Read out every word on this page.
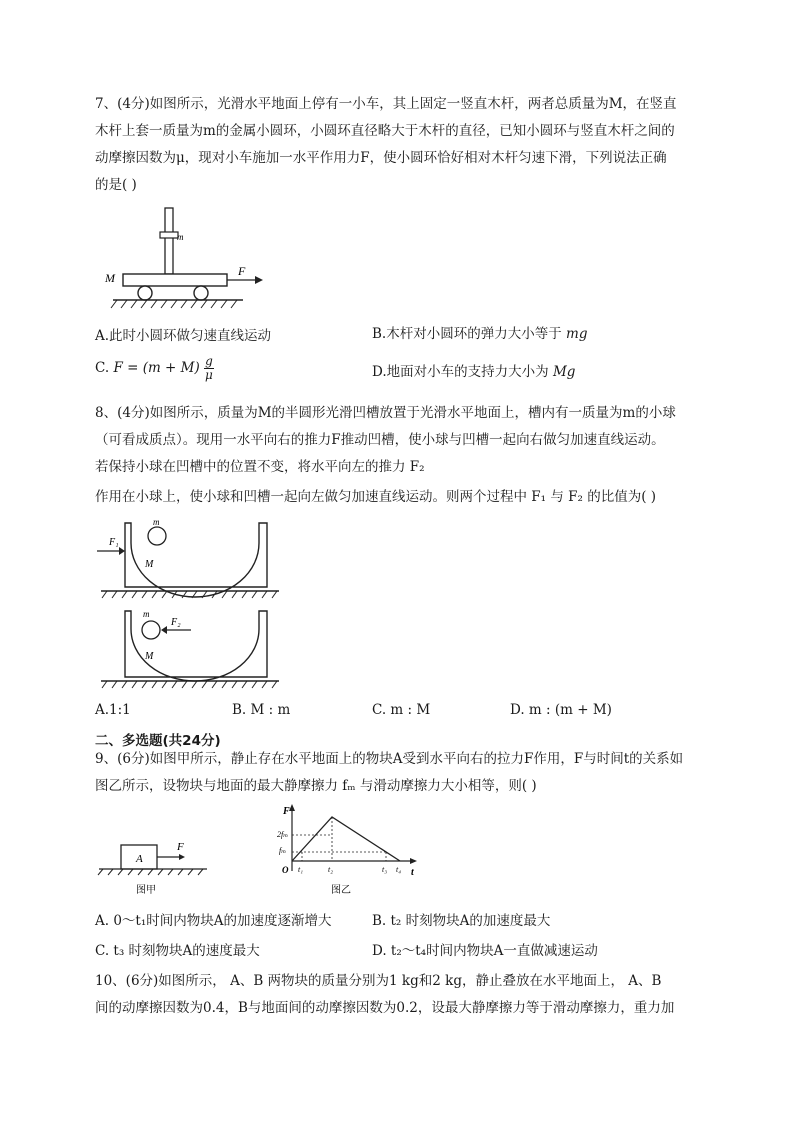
7、(4分)如图所示，光滑水平地面上停有一小车，其上固定一竖直木杆，两者总质量为M，在竖直
木杆上套一质量为m的金属小圆环，小圆环直径略大于木杆的直径，已知小圆环与竖直木杆之间的
动摩擦因数为μ，现对小车施加一水平作用力F，使小圆环恰好相对木杆匀速下滑，下列说法正确
的是( )
m
M	F
A.此时小圆环做匀速直线运动	B.木杆对小圆环的弹力大小等于 mg
C. $F = (m + M) \frac{g}{\mu}$	D.地面对小车的支持力大小为 Mg
8、(4分)如图所示，质量为M的半圆形光滑凹槽放置于光滑水平地面上，槽内有一质量为m的小球
（可看成质点）。现用一水平向右的推力F推动凹槽，使小球与凹槽一起向右做匀加速直线运动。
若保持小球在凹槽中的位置不变，将水平向左的推力 F₂
作用在小球上，使小球和凹槽一起向左做匀加速直线运动。则两个过程中 F₁ 与 F₂ 的比值为( )
m
M
F₁
m
M
F₂
A.1:1	B. M : m	C. m : M	D. m : (m + M)
二、多选题(共24分)
9、(6分)如图甲所示，静止存在水平地面上的物块A受到水平向右的拉力F作用，F与时间t的关系如
图乙所示，设物块与地面的最大静摩擦力 fₘ 与滑动摩擦力大小相等，则( )
A
F
图甲
F
t
O
2fₘ
fₘ
t₁	t₂	t₃ t₄
图乙
A. 0～t₁时间内物块A的加速度逐渐增大	B. t₂ 时刻物块A的加速度最大
C. t₃ 时刻物块A的速度最大	D. t₂～t₄时间内物块A一直做减速运动
10、(6分)如图所示， A、B 两物块的质量分别为1 kg和2 kg，静止叠放在水平地面上， A、B
间的动摩擦因数为0.4，B与地面间的动摩擦因数为0.2，设最大静摩擦力等于滑动摩擦力，重力加
